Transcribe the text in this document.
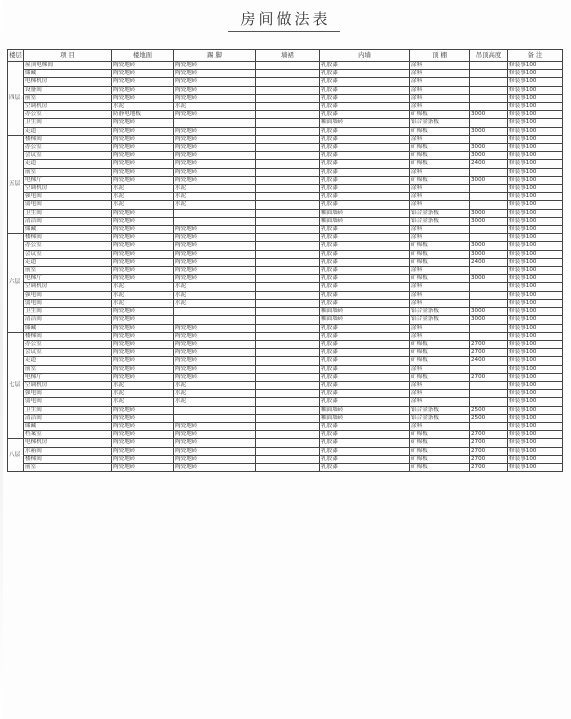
房间做法表
楼层	项 目	楼地面	踢 脚	墙裙	内墙	顶 棚	吊顶高度	备 注
四层	屋顶电梯间	陶瓷地砖	陶瓷地砖		乳胶漆	涂料		修装事100
	储藏	陶瓷地砖	陶瓷地砖		乳胶漆	涂料		修装事100
	电梯机房	陶瓷地砖	陶瓷地砖		乳胶漆	涂料		修装事100
	设备间	陶瓷地砖	陶瓷地砖		乳胶漆	涂料		修装事100
	前室	陶瓷地砖	陶瓷地砖		乳胶漆	涂料		修装事100
	空调机房	水泥	水泥		乳胶漆	涂料		修装事100
	办公室	防静电地板	陶瓷地砖		乳胶漆	矿棉板	3000	修装事100
	卫生间	陶瓷地砖			釉面墙砖	铝合金条板		修装事100
	走道	陶瓷地砖	陶瓷地砖		乳胶漆	矿棉板	3000	修装事100
五层	楼梯间	陶瓷地砖	陶瓷地砖		乳胶漆	涂料		修装事100
	办公室	陶瓷地砖	陶瓷地砖		乳胶漆	矿棉板	3000	修装事100
	会议室	陶瓷地砖	陶瓷地砖		乳胶漆	矿棉板	3000	修装事100
	走道	陶瓷地砖	陶瓷地砖		乳胶漆	矿棉板	2400	修装事100
	前室	陶瓷地砖	陶瓷地砖		乳胶漆	涂料		修装事100
	电梯厅	陶瓷地砖	陶瓷地砖		乳胶漆	矿棉板	3000	修装事100
	空调机房	水泥	水泥		乳胶漆	涂料		修装事100
	强电间	水泥	水泥		乳胶漆	涂料		修装事100
	弱电间	水泥	水泥		乳胶漆	涂料		修装事100
	卫生间	陶瓷地砖			釉面墙砖	铝合金条板	3000	修装事100
	清洁间	陶瓷地砖			釉面墙砖	铝合金条板	3000	修装事100
	储藏	陶瓷地砖	陶瓷地砖		乳胶漆	涂料		修装事100
六层	楼梯间	陶瓷地砖	陶瓷地砖		乳胶漆	涂料		修装事100
	办公室	陶瓷地砖	陶瓷地砖		乳胶漆	矿棉板	3000	修装事100
	会议室	陶瓷地砖	陶瓷地砖		乳胶漆	矿棉板	3000	修装事100
	走道	陶瓷地砖	陶瓷地砖		乳胶漆	矿棉板	2400	修装事100
	前室	陶瓷地砖	陶瓷地砖		乳胶漆	涂料		修装事100
	电梯厅	陶瓷地砖	陶瓷地砖		乳胶漆	矿棉板	3000	修装事100
	空调机房	水泥	水泥		乳胶漆	涂料		修装事100
	强电间	水泥	水泥		乳胶漆	涂料		修装事100
	弱电间	水泥	水泥		乳胶漆	涂料		修装事100
	卫生间	陶瓷地砖			釉面墙砖	铝合金条板	3000	修装事100
	清洁间	陶瓷地砖			釉面墙砖	铝合金条板	3000	修装事100
	储藏	陶瓷地砖	陶瓷地砖		乳胶漆	涂料		修装事100
七层	楼梯间	陶瓷地砖	陶瓷地砖		乳胶漆	涂料		修装事100
	办公室	陶瓷地砖	陶瓷地砖		乳胶漆	矿棉板	2700	修装事100
	会议室	陶瓷地砖	陶瓷地砖		乳胶漆	矿棉板	2700	修装事100
	走道	陶瓷地砖	陶瓷地砖		乳胶漆	矿棉板	2400	修装事100
	前室	陶瓷地砖	陶瓷地砖		乳胶漆	涂料		修装事100
	电梯厅	陶瓷地砖	陶瓷地砖		乳胶漆	矿棉板	2700	修装事100
	空调机房	水泥	水泥		乳胶漆	涂料		修装事100
	强电间	水泥	水泥		乳胶漆	涂料		修装事100
	弱电间	水泥	水泥		乳胶漆	涂料		修装事100
	卫生间	陶瓷地砖			釉面墙砖	铝合金条板	2500	修装事100
	清洁间	陶瓷地砖			釉面墙砖	铝合金条板	2500	修装事100
	储藏	陶瓷地砖	陶瓷地砖		乳胶漆	涂料		修装事100
	档案室	陶瓷地砖	陶瓷地砖		乳胶漆	矿棉板	2700	修装事100
八层	电梯机房	陶瓷地砖	陶瓷地砖		乳胶漆	矿棉板	2700	修装事100
	水箱间	陶瓷地砖	陶瓷地砖		乳胶漆	矿棉板	2700	修装事100
	楼梯间	陶瓷地砖	陶瓷地砖		乳胶漆	矿棉板	2700	修装事100
	前室	陶瓷地砖	陶瓷地砖		乳胶漆	矿棉板	2700	修装事100
